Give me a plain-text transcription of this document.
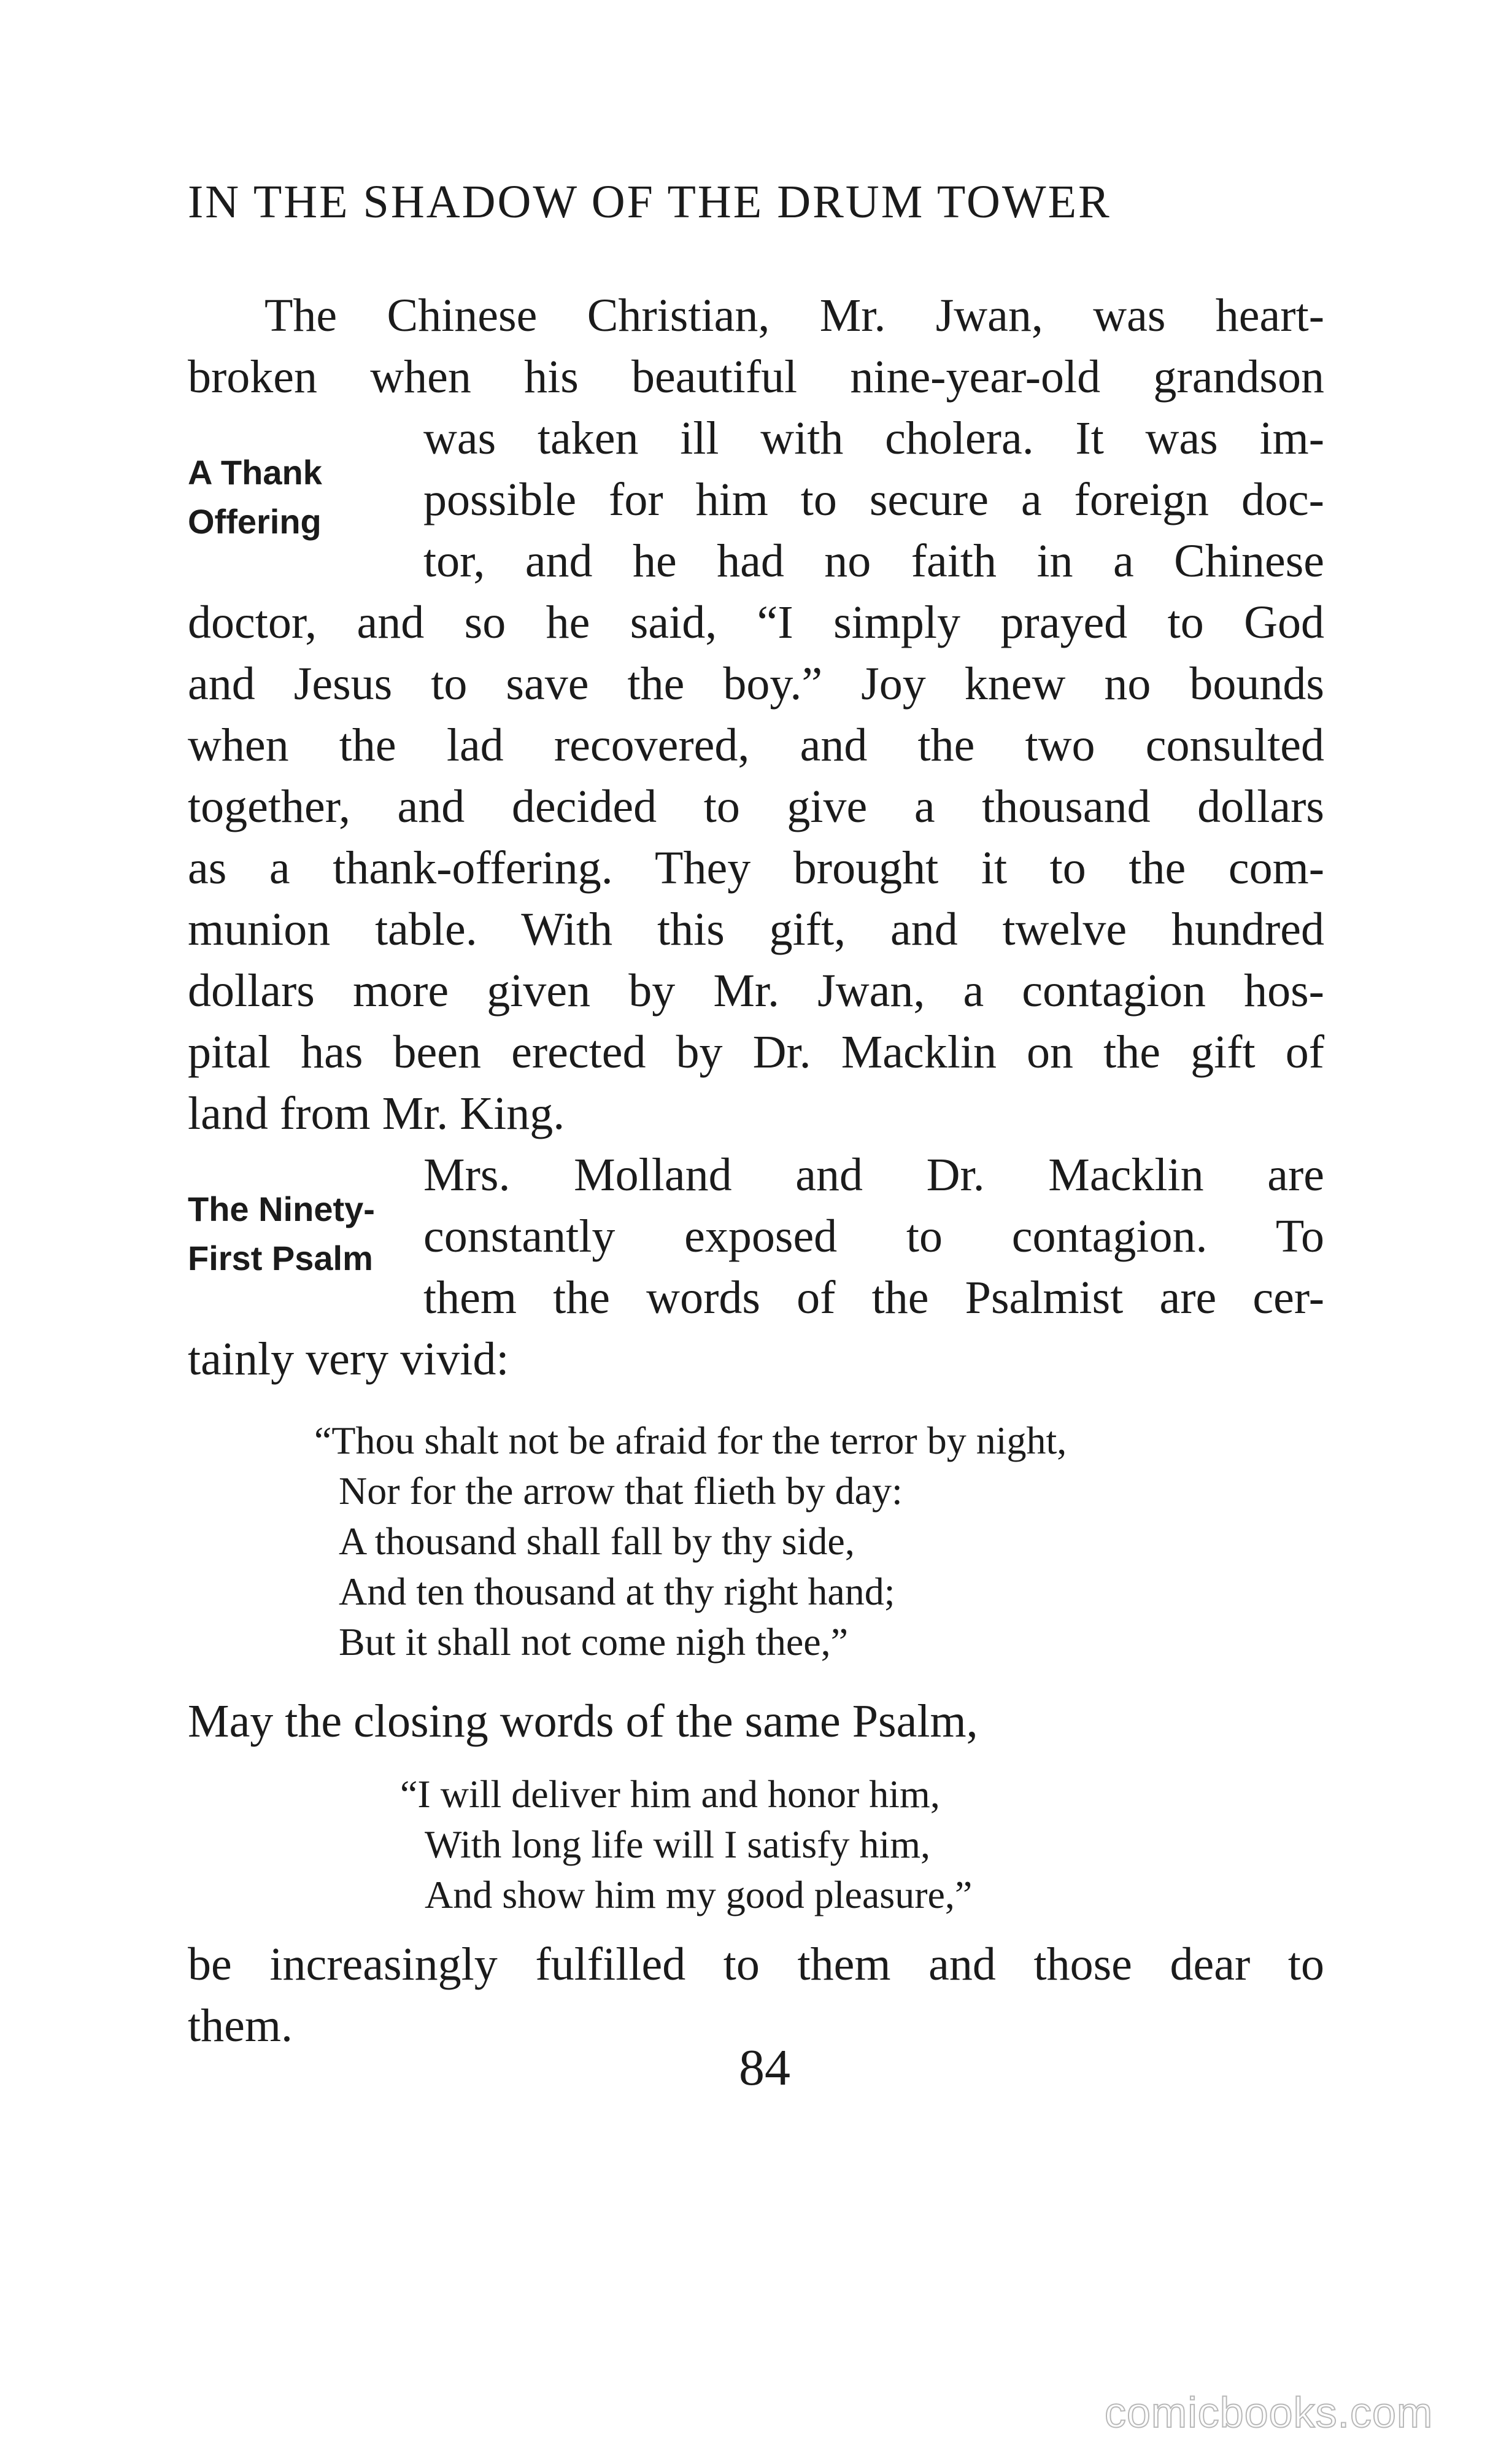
IN THE SHADOW OF THE DRUM TOWER
The Chinese Christian, Mr. Jwan, was heart-
broken when his beautiful nine-year-old grandson
was taken ill with cholera. It was im-
possible for him to secure a foreign doc-
tor, and he had no faith in a Chinese
doctor, and so he said, “I simply prayed to God
and Jesus to save the boy.” Joy knew no bounds
when the lad recovered, and the two consulted
together, and decided to give a thousand dollars
as a thank-offering. They brought it to the com-
munion table. With this gift, and twelve hundred
dollars more given by Mr. Jwan, a contagion hos-
pital has been erected by Dr. Macklin on the gift of
land from Mr. King.
A Thank
Offering
Mrs. Molland and Dr. Macklin are
constantly exposed to contagion. To
them the words of the Psalmist are cer-
tainly very vivid:
The Ninety-
First Psalm
“Thou shalt not be afraid for the terror by night,
Nor for the arrow that flieth by day:
A thousand shall fall by thy side,
And ten thousand at thy right hand;
But it shall not come nigh thee,”
May the closing words of the same Psalm,
“I will deliver him and honor him,
With long life will I satisfy him,
And show him my good pleasure,”
be increasingly fulfilled to them and those dear to
them.
84
comicbooks.com
